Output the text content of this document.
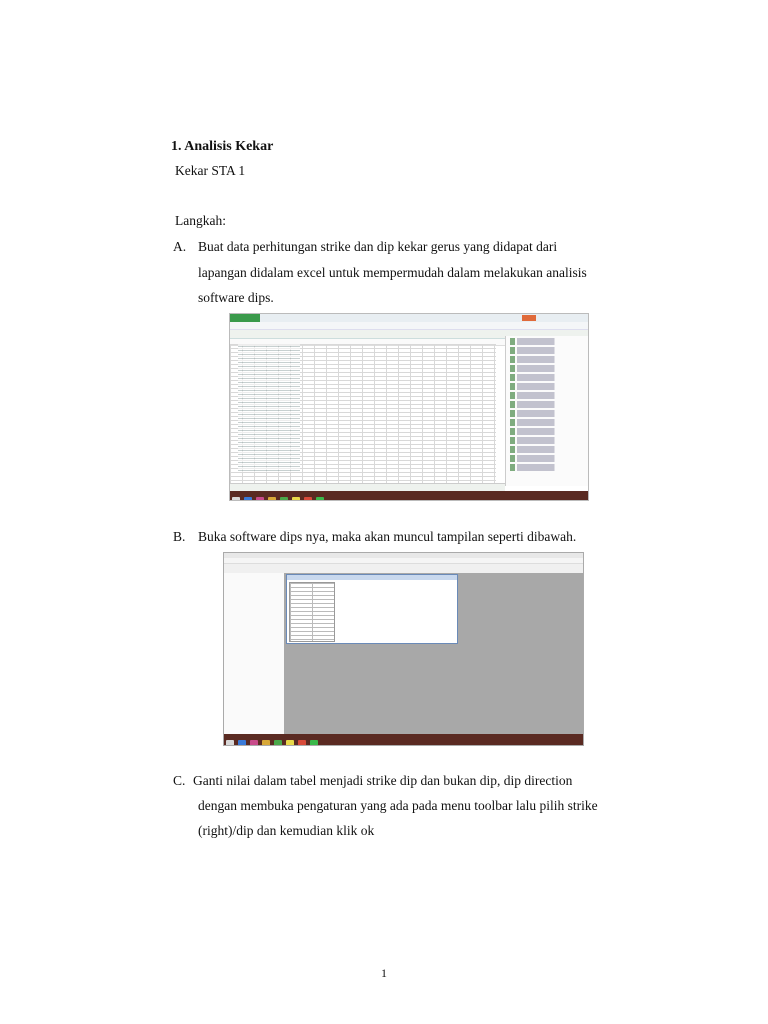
1. Analisis Kekar
Kekar STA 1
Langkah:
A. Buat data perhitungan strike dan dip kekar gerus yang didapat dari
lapangan didalam excel untuk mempermudah dalam melakukan analisis
software dips.
B. Buka software dips nya, maka akan muncul tampilan seperti dibawah.
C. Ganti nilai dalam tabel menjadi strike dip dan bukan dip, dip direction
dengan membuka pengaturan yang ada pada menu toolbar lalu pilih strike
(right)/dip dan kemudian klik ok
1
